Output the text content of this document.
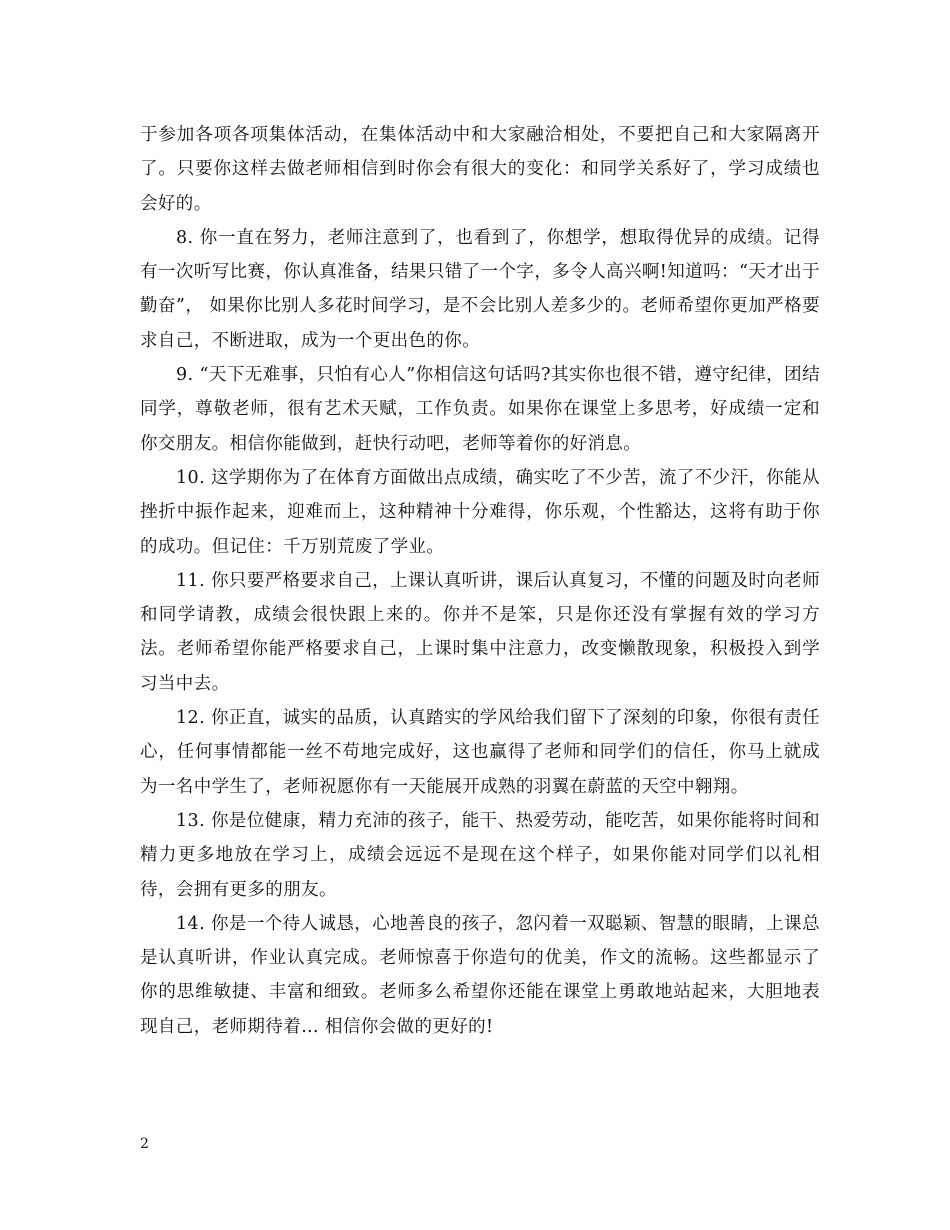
于参加各项各项集体活动，在集体活动中和大家融洽相处，不要把自己和大家隔离开了。只要你这样去做老师相信到时你会有很大的变化：和同学关系好了，学习成绩也会好的。

8. 你一直在努力，老师注意到了，也看到了，你想学，想取得优异的成绩。记得有一次听写比赛，你认真准备，结果只错了一个字，多令人高兴啊!知道吗：“天才出于勤奋”， 如果你比别人多花时间学习，是不会比别人差多少的。老师希望你更加严格要求自己，不断进取，成为一个更出色的你。

9. “天下无难事，只怕有心人”你相信这句话吗?其实你也很不错，遵守纪律，团结同学，尊敬老师，很有艺术天赋，工作负责。如果你在课堂上多思考，好成绩一定和你交朋友。相信你能做到，赶快行动吧，老师等着你的好消息。

10. 这学期你为了在体育方面做出点成绩，确实吃了不少苦，流了不少汗，你能从挫折中振作起来，迎难而上，这种精神十分难得，你乐观，个性豁达，这将有助于你的成功。但记住：千万别荒废了学业。

11. 你只要严格要求自己，上课认真听讲，课后认真复习，不懂的问题及时向老师和同学请教，成绩会很快跟上来的。你并不是笨，只是你还没有掌握有效的学习方法。老师希望你能严格要求自己，上课时集中注意力，改变懒散现象，积极投入到学习当中去。

12. 你正直，诚实的品质，认真踏实的学风给我们留下了深刻的印象，你很有责任心，任何事情都能一丝不苟地完成好，这也赢得了老师和同学们的信任，你马上就成为一名中学生了，老师祝愿你有一天能展开成熟的羽翼在蔚蓝的天空中翱翔。

13. 你是位健康，精力充沛的孩子，能干、热爱劳动，能吃苦，如果你能将时间和精力更多地放在学习上，成绩会远远不是现在这个样子，如果你能对同学们以礼相待，会拥有更多的朋友。

14. 你是一个待人诚恳，心地善良的孩子，忽闪着一双聪颖、智慧的眼睛，上课总是认真听讲，作业认真完成。老师惊喜于你造句的优美，作文的流畅。这些都显示了你的思维敏捷、丰富和细致。老师多么希望你还能在课堂上勇敢地站起来，大胆地表现自己，老师期待着… 相信你会做的更好的!

2
